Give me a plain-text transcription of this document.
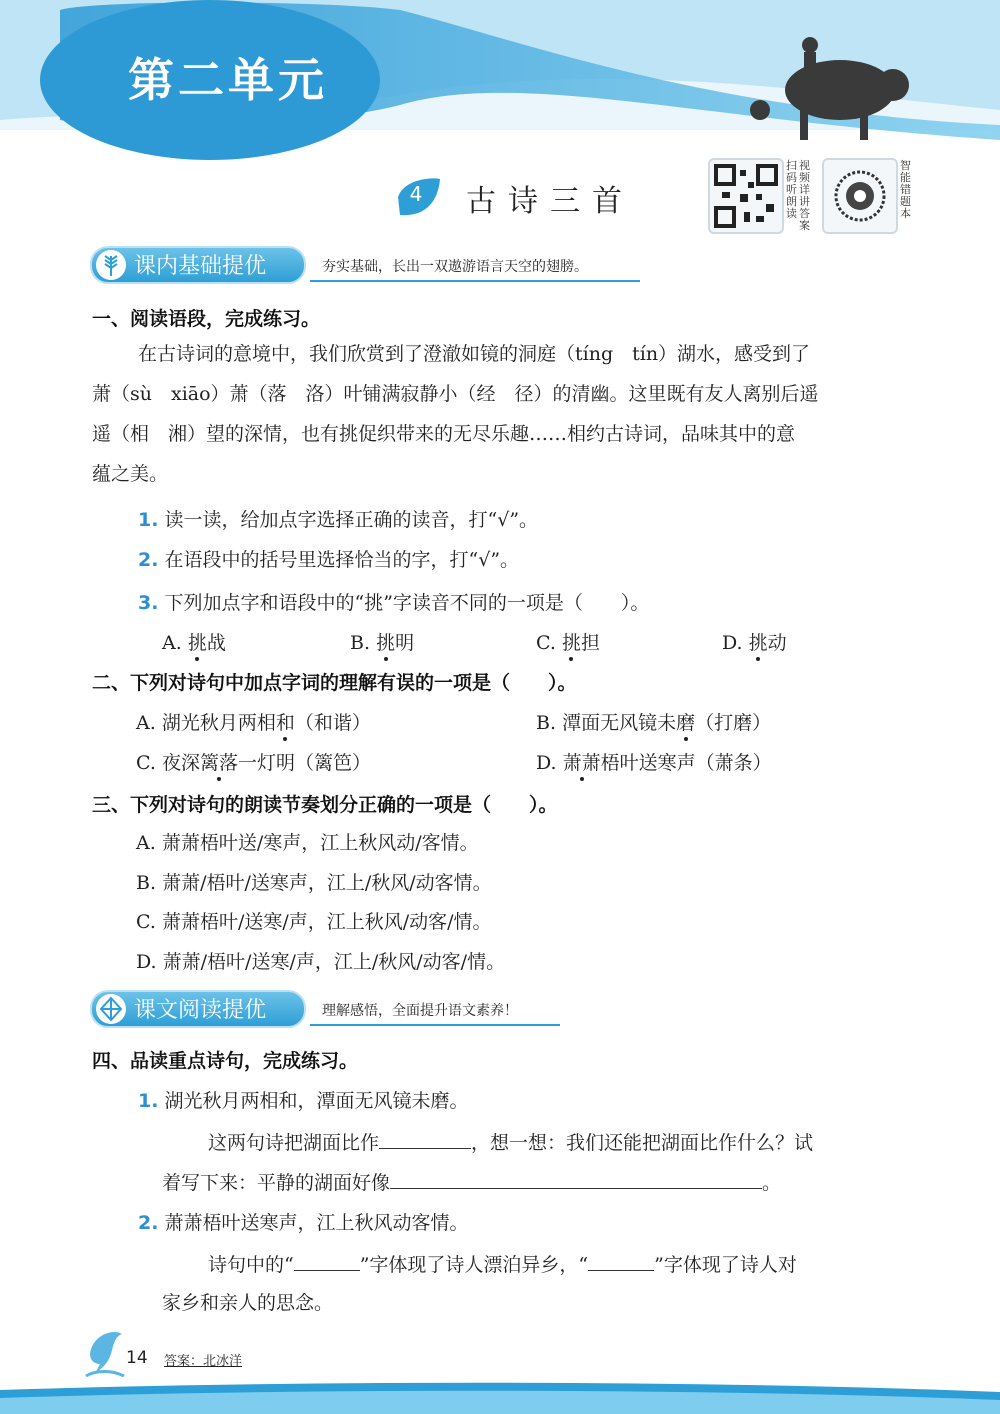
第二单元
4 古诗三首
扫码听朗读
视频详讲答案
智能错题本
课内基础提优	夯实基础，长出一双遨游语言天空的翅膀。
一、阅读语段，完成练习。
在古诗词的意境中，我们欣赏到了澄澈如镜的洞庭（tíng　tín）湖水，感受到了
萧（sù　xiāo）萧（落　洛）叶铺满寂静小（经　径）的清幽。这里既有友人离别后遥
遥（相　湘）望的深情，也有挑促织带来的无尽乐趣……相约古诗词，品味其中的意
蕴之美。
1. 读一读，给加点字选择正确的读音，打“√”。
2. 在语段中的括号里选择恰当的字，打“√”。
3. 下列加点字和语段中的“挑”字读音不同的一项是（　　）。
A. 挑战	B. 挑明	C. 挑担	D. 挑动
二、下列对诗句中加点字词的理解有误的一项是（　　）。
A. 湖光秋月两相和（和谐）	B. 潭面无风镜未磨（打磨）
C. 夜深篱落一灯明（篱笆）	D. 萧萧梧叶送寒声（萧条）
三、下列对诗句的朗读节奏划分正确的一项是（　　）。
A. 萧萧梧叶送/寒声，江上秋风动/客情。
B. 萧萧/梧叶/送寒声，江上/秋风/动客情。
C. 萧萧梧叶/送寒/声，江上秋风/动客/情。
D. 萧萧/梧叶/送寒/声，江上/秋风/动客/情。
课文阅读提优	理解感悟，全面提升语文素养！
四、品读重点诗句，完成练习。
1. 湖光秋月两相和，潭面无风镜未磨。
这两句诗把湖面比作	，想一想：我们还能把湖面比作什么？试
着写下来：平静的湖面好像	。
2. 萧萧梧叶送寒声，江上秋风动客情。
诗句中的“	”字体现了诗人漂泊异乡，“	”字体现了诗人对
家乡和亲人的思念。
14 答案：北冰洋
